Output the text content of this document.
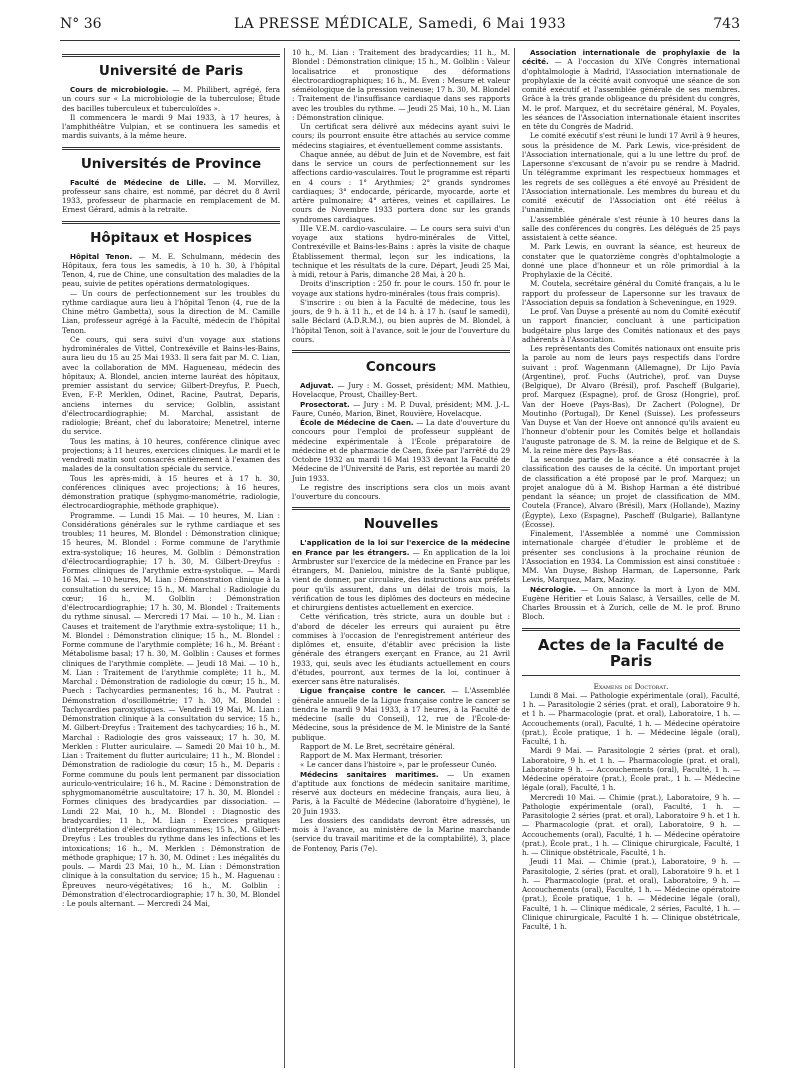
N° 36	LA PRESSE MÉDICALE, Samedi, 6 Mai 1933	743
Université de Paris

Cours de microbiologie. — M. Philibert, agrégé, fera un cours sur « La microbiologie de la tuberculose; Étude des bacilles tuberculeux et tuberculoïdes ».

Il commencera le mardi 9 Mai 1933, à 17 heures, à l'amphithéâtre Vulpian, et se continuera les samedis et mardis suivants, à la même heure.

Universités de Province

Faculté de Médecine de Lille. — M. Morvillez, professeur sans chaire, est nommé, par décret du 8 Avril 1933, professeur de pharmacie en remplacement de M. Ernest Gérard, admis à la retraite.

Hôpitaux et Hospices

Hôpital Tenon. — M. E. Schulmann, médecin des Hôpitaux, fera tous les samedis, à 10 h. 30, à l'hôpital Tenon, 4, rue de Chine, une consultation des maladies de la peau, suivie de petites opérations dermatologiques.

— Un cours de perfectionnement sur les troubles du rythme cardiaque aura lieu à l'hôpital Tenon (4, rue de la Chine métro Gambetta), sous la direction de M. Camille Lian, professeur agrégé à la Faculté, médecin de l'hôpital Tenon.

Ce cours, qui sera suivi d'un voyage aux stations hydrominérales de Vittel, Contrexéville et Bains-les-Bains, aura lieu du 15 au 25 Mai 1933. Il sera fait par M. C. Lian, avec la collaboration de MM. Hagueneau, médecin des hôpitaux; A. Blondel, ancien interne lauréat des hôpitaux, premier assistant du service; Gilbert-Dreyfus, P. Puech, Even, F.-P. Merklen, Odinet, Racine, Pautrat, Deparis, anciens internes du service; Golblin, assistant d'électrocardiographie; M. Marchal, assistant de radiologie; Bréant, chef du laboratoire; Menetrel, interne du service.

Tous les matins, à 10 heures, conférence clinique avec projections; à 11 heures, exercices cliniques. Le mardi et le vendredi matin sont consacrés entièrement à l'examen des malades de la consultation spéciale du service.

Tous les après-midi, à 15 heures et à 17 h. 30, conférences cliniques avec projections; à 16 heures, démonstration pratique (sphygmo-manométrie, radiologie, électrocardiographie, méthode graphique).

Programme. — Lundi 15 Mai. — 10 heures, M. Lian : Considérations générales sur le rythme cardiaque et ses troubles; 11 heures, M. Blondel : Démonstration clinique; 15 heures, M. Blondel : Forme commune de l'arythmie extra-systolique; 16 heures, M. Golblin : Démonstration d'électrocardiographie; 17 h. 30, M. Gilbert-Dreyfus : Formes cliniques de l'arythmie extra-systolique. — Mardi 16 Mai. — 10 heures, M. Lian : Démonstration clinique à la consultation du service; 15 h., M. Marchal : Radiologie du cœur; 16 h., M. Golblin : Démonstration d'électrocardiographie; 17 h. 30, M. Blondel : Traitements du rythme sinusal. — Mercredi 17 Mai. — 10 h., M. Lian : Causes et traitement de l'arythmie extra-systolique; 11 h., M. Blondel : Démonstration clinique; 15 h., M. Blondel : Forme commune de l'arythmie complète; 16 h., M. Bréant : Métabolisme basal; 17 h. 30, M. Golblin : Causes et formes cliniques de l'arythmie complète. — Jeudi 18 Mai. — 10 h., M. Lian : Traitement de l'arythmie complète; 11 h., M. Marchal : Démonstration de radiologie du cœur; 15 h., M. Puech : Tachycardies permanentes; 16 h., M. Pautrat : Démonstration d'oscillométrie; 17 h. 30, M. Blondel : Tachycardies paroxystiques. — Vendredi 19 Mai, M. Lian : Démonstration clinique à la consultation du service; 15 h., M. Gilbert-Dreyfus : Traitement des tachycardies; 16 h., M. Marchal : Radiologie des gros vaisseaux; 17 h. 30, M. Merklen : Flutter auriculaire. — Samedi 20 Mai 10 h., M. Lian : Traitement du flutter auriculaire; 11 h., M. Blondel : Démonstration de radiologie du cœur; 15 h., M. Deparis : Forme commune du pouls lent permanent par dissociation auriculo-ventriculaire; 16 h., M. Racine : Démonstration de sphygmomanométrie auscultatoire; 17 h. 30, M. Blondel : Formes cliniques des bradycardies par dissociation. — Lundi 22 Mai, 10 h., M. Blondel : Diagnostic des bradycardies; 11 h., M. Lian : Exercices pratiques d'interprétation d'électrocardiogrammes; 15 h., M. Gilbert-Dreyfus : Les troubles du rythme dans les infections et les intoxications; 16 h., M. Merklen : Démonstration de méthode graphique; 17 h. 30, M. Odinet : Les inégalités du pouls. — Mardi 23 Mai, 10 h., M. Lian : Démonstration clinique à la consultation du service; 15 h., M. Haguenau : Épreuves neuro-végétatives; 16 h., M. Golblin : Démonstration d'électrocardiographie; 17 h. 30, M. Blondel : Le pouls alternant. — Mercredi 24 Mai,

10 h., M. Lian : Traitement des bradycardies; 11 h., M. Blondel : Démonstration clinique; 15 h., M. Golblin : Valeur localisatrice et pronostique des déformations électrocardiographiques; 16 h., M. Even : Mesure et valeur séméiologique de la pression veineuse; 17 h. 30, M. Blondel : Traitement de l'insuffisance cardiaque dans ses rapports avec les troubles du rythme. — Jeudi 25 Mai, 10 h., M. Lian : Démonstration clinique.

Un certificat sera délivré aux médecins ayant suivi le cours; ils pourront ensuite être attachés au service comme médecins stagiaires, et éventuellement comme assistants.

Chaque année, au début de Juin et de Novembre, est fait dans le service un cours de perfectionnement sur les affections cardio-vasculaires. Tout le programme est réparti en 4 cours : 1° Arythmies; 2° grands syndromes cardiaques; 3° endocarde, péricarde, myocarde, aorte et artère pulmonaire; 4° artères, veines et capillaires. Le cours de Novembre 1933 portera donc sur les grands syndromes cardiaques.

IIIe V.E.M. cardio-vasculaire. — Le cours sera suivi d'un voyage aux stations hydro-minérales de Vittel, Contrexéville et Bains-les-Bains : après la visite de chaque Établissement thermal, leçon sur les indications, la technique et les résultats de la cure. Départ, Jeudi 25 Mai, à midi, retour à Paris, dimanche 28 Mai, à 20 h.

Droits d'inscription : 250 fr. pour le cours. 150 fr. pour le voyage aux stations hydro-minérales (tous frais compris).

S'inscrire : ou bien à la Faculté de médecine, tous les jours, de 9 h. à 11 h., et de 14 h. à 17 h. (sauf le samedi), salle Béclard (A.D.R.M.), ou bien auprès de M. Blondel, à l'hôpital Tenon, soit à l'avance, soit le jour de l'ouverture du cours.

Concours

Adjuvat. — Jury : M. Gosset, président; MM. Mathieu, Hovelacque, Proust, Chailley-Bert.

Prosectorat. — Jury : M. P. Duval, président; MM. J.-L. Faure, Cunéo, Marion, Binet, Rouvière, Hovelacque.

École de Médecine de Caen. — La date d'ouverture du concours pour l'emploi de professeur suppléant de médecine expérimentale à l'École préparatoire de médecine et de pharmacie de Caen, fixée par l'arrêté du 29 Octobre 1932 au mardi 16 Mai 1933 devant la Faculté de Médecine de l'Université de Paris, est reportée au mardi 20 Juin 1933.

Le registre des inscriptions sera clos un mois avant l'ouverture du concours.

Nouvelles

L'application de la loi sur l'exercice de la médecine en France par les étrangers. — En application de la loi Armbruster sur l'exercice de la médecine en France par les étrangers, M. Danielou, ministre de la Santé publique, vient de donner, par circulaire, des instructions aux préfets pour qu'ils assurent, dans un délai de trois mois, la vérification de tous les diplômes des docteurs en médecine et chirurgiens dentistes actuellement en exercice.

Cette vérification, très stricte, aura un double but : d'abord de déceler les erreurs qui auraient pu être commises à l'occasion de l'enregistrement antérieur des diplômes et, ensuite, d'établir avec précision la liste générale des étrangers exerçant en France, au 21 Avril 1933, qui, seuls avec les étudiants actuellement en cours d'études, pourront, aux termes de la loi, continuer à exercer sans être naturalisés.

Ligue française contre le cancer. — L'Assemblée générale annuelle de la Ligue française contre le cancer se tiendra le mardi 9 Mai 1933, à 17 heures, à la Faculté de médecine (salle du Conseil), 12, rue de l'École-de-Médecine, sous la présidence de M. le Ministre de la Santé publique.

Rapport de M. Le Bret, secrétaire général.

Rapport de M. Max Hermant, trésorier.

« Le cancer dans l'histoire », par le professeur Cunéo.

Médecins sanitaires maritimes. — Un examen d'aptitude aux fonctions de médecin sanitaire maritime, réservé aux docteurs en médecine français, aura lieu, à Paris, à la Faculté de Médecine (laboratoire d'hygiène), le 20 Juin 1933.

Les dossiers des candidats devront être adressés, un mois à l'avance, au ministère de la Marine marchande (service du travail maritime et de la comptabilité), 3, place de Fontenoy, Paris (7e).

Association internationale de prophylaxie de la cécité. — A l'occasion du XIVe Congrès international d'ophtalmologie à Madrid, l'Association internationale de prophylaxie de la cécité avait convoqué une séance de son comité exécutif et l'assemblée générale de ses membres. Grâce à la très grande obligeance du président du congrès, M. le prof. Marquez, et du secrétaire général, M. Poyales, les séances de l'Association internationale étaient inscrites en tête du Congrès de Madrid.

Le comité exécutif s'est réuni le lundi 17 Avril à 9 heures, sous la présidence de M. Park Lewis, vice-président de l'Association internationale, qui a lu une lettre du prof. de Lapersonne s'excusant de n'avoir pu se rendre à Madrid. Un télégramme exprimant les respectueux hommages et les regrets de ses collègues a été envoyé au Président de l'Association internationale. Les membres du bureau et du comité exécutif de l'Association ont été réélus à l'unanimité.

L'assemblée générale s'est réunie à 10 heures dans la salle des conférences du congrès. Les délégués de 25 pays assistaient à cette séance.

M. Park Lewis, en ouvrant la séance, est heureux de constater que le quatorzième congrès d'ophtalmologie a donné une place d'honneur et un rôle primordial à la Prophylaxie de la Cécité.

M. Coutela, secrétaire général du Comité français, a lu le rapport du professeur de Lapersonne sur les travaux de l'Association depuis sa fondation à Scheveningue, en 1929.

Le prof. Van Duyse a présenté au nom du Comité exécutif un rapport financier, concluant à une participation budgétaire plus large des Comités nationaux et des pays adhérents à l'Association.

Les représentants des Comités nationaux ont ensuite pris la parole au nom de leurs pays respectifs dans l'ordre suivant : prof. Wagenmann (Allemagne), Dr Lijo Pavía (Argentine), prof. Fuchs (Autriche), prof. van Duyse (Belgique), Dr Alvaro (Brésil), prof. Pascheff (Bulgarie), prof. Marquez (Espagne), prof. de Grosz (Hongrie), prof. Van der Hoeve (Pays-Bas), Dr Zachert (Pologne), Dr Moutinho (Portugal), Dr Kenel (Suisse). Les professeurs Van Duyse et Van der Hoeve ont annoncé qu'ils avaient eu l'honneur d'obtenir pour les Comités belge et hollandais l'auguste patronage de S. M. la reine de Belgique et de S. M. la reine mère des Pays-Bas.

La seconde partie de la séance a été consacrée à la classification des causes de la cécité. Un important projet de classification a été proposé par le prof. Marquez; un projet analogue dû à M. Bishop Harman a été distribué pendant la séance; un projet de classification de MM. Coutela (France), Alvaro (Brésil), Marx (Hollande), Maziny (Égypte), Lexo (Espagne), Pascheff (Bulgarie), Ballantyne (Écosse).

Finalement, l'Assemblée a nommé une Commission internationale chargée d'étudier le problème et de présenter ses conclusions à la prochaine réunion de l'Association en 1934. La Commission est ainsi constituée : MM. Van Duyse, Bishop Harman, de Lapersonne, Park Lewis, Marquez, Marx, Maziny.

Nécrologie. — On annonce la mort à Lyon de MM. Eugène Héritier et Louis Salasc, à Versailles, celle de M. Charles Broussin et à Zurich, celle de M. le prof. Bruno Bloch.

Actes de la Faculté de Paris

Examens de Doctorat.

Lundi 8 Mai. — Pathologie expérimentale (oral), Faculté, 1 h. — Parasitologie 2 séries (prat. et oral), Laboratoire 9 h. et 1 h. — Pharmacologie (prat. et oral), Laboratoire, 1 h. — Accouchements (oral), Faculté, 1 h. — Médecine opératoire (prat.), École pratique, 1 h. — Médecine légale (oral), Faculté, 1 h.

Mardi 9 Mai. — Parasitologie 2 séries (prat. et oral), Laboratoire, 9 h. et 1 h. — Pharmacologie (prat. et oral), Laboratoire 9 h. — Accouchements (oral), Faculté, 1 h. — Médecine opératoire (prat.), École prat., 1 h. — Médecine légale (oral), Faculté, 1 h.

Mercredi 10 Mai. — Chimie (prat.), Laboratoire, 9 h. — Pathologie expérimentale (oral), Faculté, 1 h. — Parasitologie 2 séries (prat. et oral), Laboratoire 9 h. et 1 h. — Pharmacologie (prat. et oral), Laboratoire, 9 h. — Accouchements (oral), Faculté, 1 h. — Médecine opératoire (prat.), École prat., 1 h. — Clinique chirurgicale, Faculté, 1 h. — Clinique obstétricale, Faculté, 1 h.

Jeudi 11 Mai. — Chimie (prat.), Laboratoire, 9 h. — Parasitologie, 2 séries (prat. et oral), Laboratoire 9 h. et 1 h. — Pharmacologie (prat. et oral), Laboratoire, 9 h. — Accouchements (oral), Faculté, 1 h. — Médecine opératoire (prat.), École pratique, 1 h. — Médecine légale (oral), Faculté, 1 h. — Clinique médicale, 2 séries, Faculté, 1 h. — Clinique chirurgicale, Faculté 1 h. — Clinique obstétricale, Faculté, 1 h.
